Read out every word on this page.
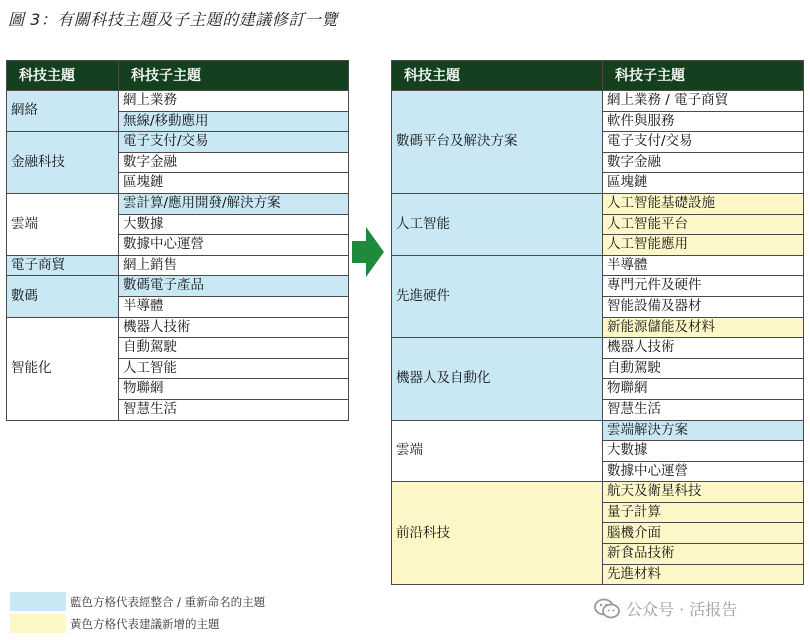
圖 3：有關科技主題及子主題的建議修訂一覽
科技主題	科技子主題
網絡	網上業務
	無線/移動應用
金融科技	電子支付/交易
	數字金融
	區塊鏈
雲端	雲計算/應用開發/解決方案
	大數據
	數據中心運營
電子商貿	網上銷售
數碼	數碼電子產品
	半導體
智能化	機器人技術
	自動駕駛
	人工智能
	物聯網
	智慧生活
科技主題	科技子主題
數碼平台及解決方案	網上業務 / 電子商貿
	軟件與服務
	電子支付/交易
	數字金融
	區塊鏈
人工智能	人工智能基礎設施
	人工智能平台
	人工智能應用
先進硬件	半導體
	專門元件及硬件
	智能設備及器材
	新能源儲能及材料
機器人及自動化	機器人技術
	自動駕駛
	物聯網
	智慧生活
雲端	雲端解決方案
	大數據
	數據中心運營
前沿科技	航天及衛星科技
	量子計算
	腦機介面
	新食品技術
	先進材料
藍色方格代表經整合 / 重新命名的主題
黃色方格代表建議新增的主題
公众号 · 活报告
